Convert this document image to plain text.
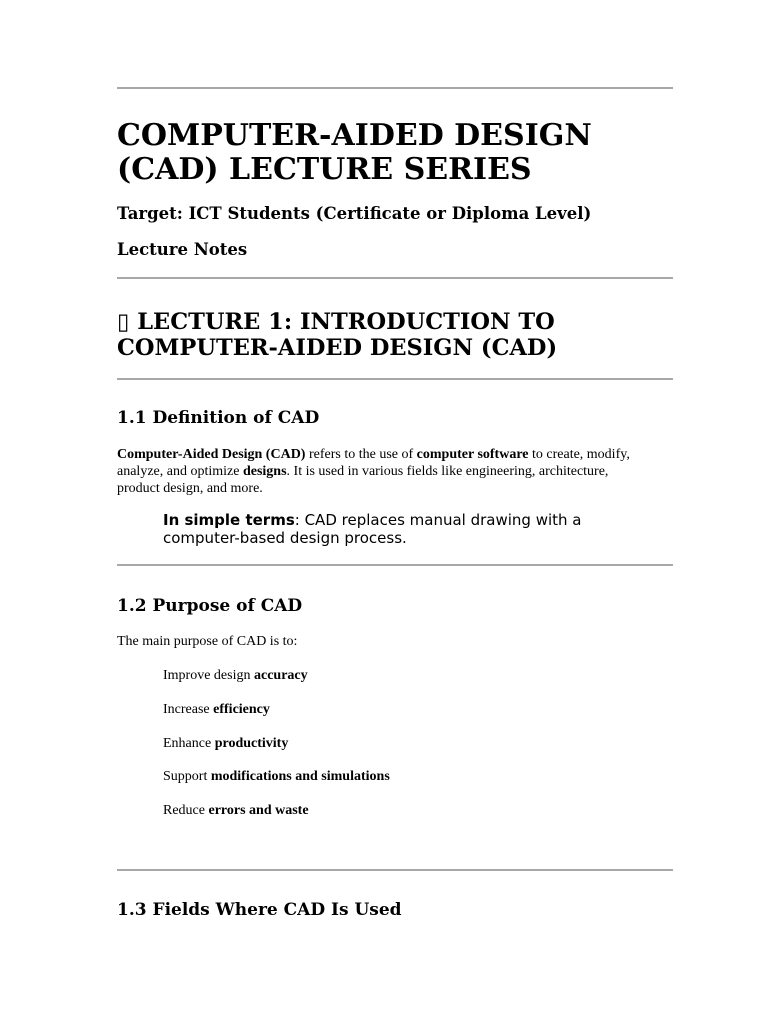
COMPUTER-AIDED DESIGN (CAD) LECTURE SERIES

Target: ICT Students (Certificate or Diploma Level)

Lecture Notes

▯ LECTURE 1: INTRODUCTION TO COMPUTER-AIDED DESIGN (CAD)
1.1 Definition of CAD

Computer-Aided Design (CAD) refers to the use of computer software to create, modify, analyze, and optimize designs. It is used in various fields like engineering, architecture, product design, and more.

In simple terms: CAD replaces manual drawing with a computer-based design process.

1.2 Purpose of CAD

The main purpose of CAD is to:

Improve design accuracy
Increase efficiency
Enhance productivity
Support modifications and simulations
Reduce errors and waste
1.3 Fields Where CAD Is Used
